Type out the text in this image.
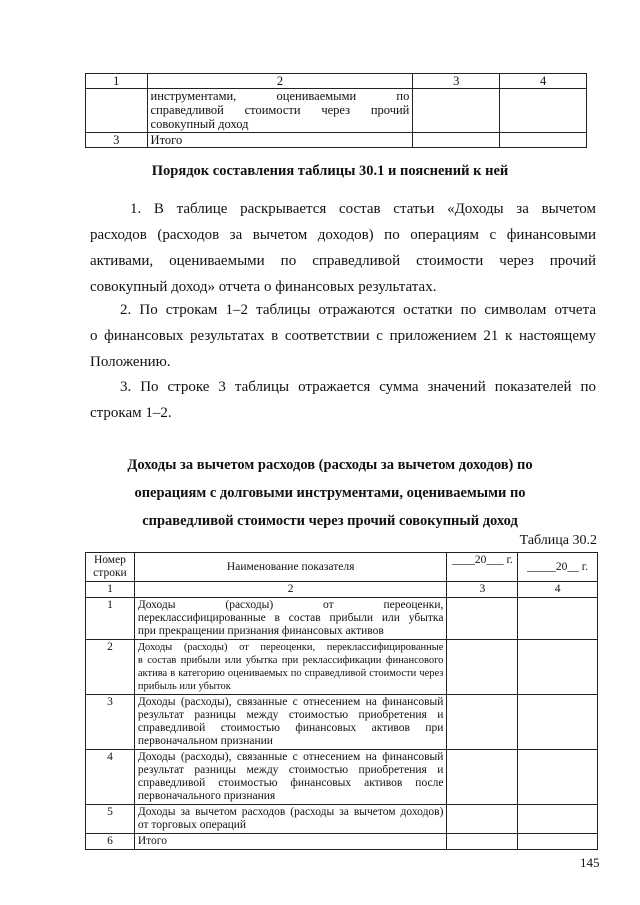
1	2	3	4

	инструментами, оцениваемыми по
справедливой стоимости через прочий
совокупный доход		

3	Итого		

Порядок составления таблицы 30.1 и пояснений к ней

1. В таблице раскрывается состав статьи «Доходы за вычетом
расходов (расходов за вычетом доходов) по операциям с финансовыми
активами, оцениваемыми по справедливой стоимости через прочий
совокупный доход» отчета о финансовых результатах.

2. По строкам 1–2 таблицы отражаются остатки по символам отчета
о финансовых результатах в соответствии с приложением 21 к настоящему
Положению.

3. По строке 3 таблицы отражается сумма значений показателей по
строкам 1–2.

Доходы за вычетом расходов (расходы за вычетом доходов) по

операциям с долговыми инструментами, оцениваемыми по

справедливой стоимости через прочий совокупный доход

Таблица 30.2

Номер строки	Наименование показателя	____20___ г.	_____20__ г.
1	2	3	4
1	Доходы (расходы) от переоценки,
переклассифицированные в состав прибыли или убытка
при прекращении признания финансовых активов		

2	Доходы (расходы) от переоценки, переклассифицированные
в состав прибыли или убытка при реклассификации финансового
актива в категорию оцениваемых по справедливой стоимости через
прибыль или убыток		

3	Доходы (расходы), связанные с отнесением на финансовый
результат разницы между стоимостью приобретения и
справедливой стоимостью финансовых активов при
первоначальном признании		

4	Доходы (расходы), связанные с отнесением на финансовый
результат разницы между стоимостью приобретения и
справедливой стоимостью финансовых активов после
первоначального признания		

5	Доходы за вычетом расходов (расходы за вычетом доходов)
от торговых операций		

6	Итого		

145
